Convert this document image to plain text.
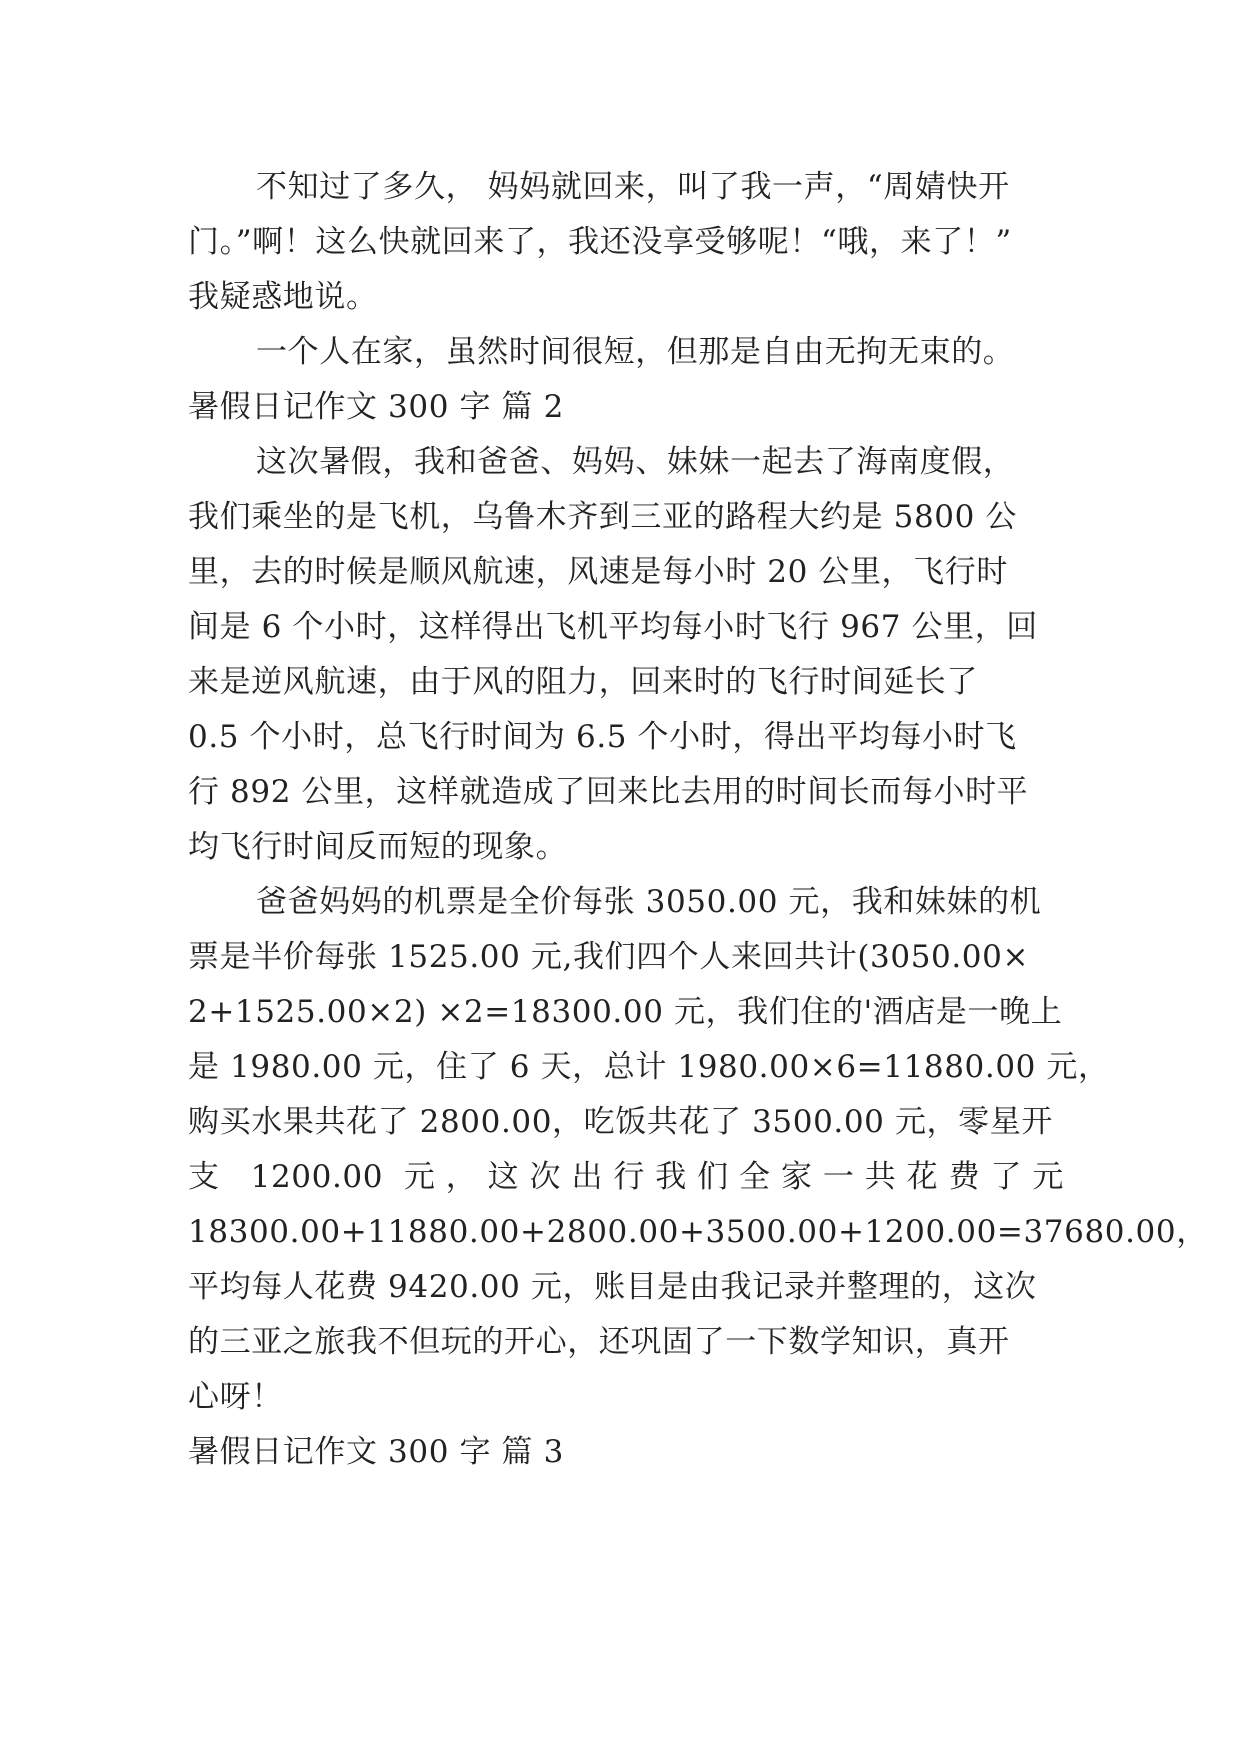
不知过了多久， 妈妈就回来，叫了我一声，“周婧快开
门。”啊！这么快就回来了，我还没享受够呢！“哦，来了！”
我疑惑地说。
一个人在家，虽然时间很短，但那是自由无拘无束的。
暑假日记作文 300 字 篇 2
这次暑假，我和爸爸、妈妈、妹妹一起去了海南度假，
我们乘坐的是飞机，乌鲁木齐到三亚的路程大约是 5800 公
里，去的时候是顺风航速，风速是每小时 20 公里，飞行时
间是 6 个小时，这样得出飞机平均每小时飞行 967 公里，回
来是逆风航速，由于风的阻力，回来时的飞行时间延长了
0.5 个小时，总飞行时间为 6.5 个小时，得出平均每小时飞
行 892 公里，这样就造成了回来比去用的时间长而每小时平
均飞行时间反而短的现象。
爸爸妈妈的机票是全价每张 3050.00 元，我和妹妹的机
票是半价每张 1525.00 元,我们四个人来回共计(3050.00×
2+1525.00×2) ×2=18300.00 元，我们住的'酒店是一晚上
是 1980.00 元，住了 6 天，总计 1980.00×6=11880.00 元，
购买水果共花了 2800.00，吃饭共花了 3500.00 元，零星开
支 1200.00 元，这次出行我们全家一共花费了元
18300.00+11880.00+2800.00+3500.00+1200.00=37680.00，
平均每人花费 9420.00 元，账目是由我记录并整理的，这次
的三亚之旅我不但玩的开心，还巩固了一下数学知识，真开
心呀！
暑假日记作文 300 字 篇 3
